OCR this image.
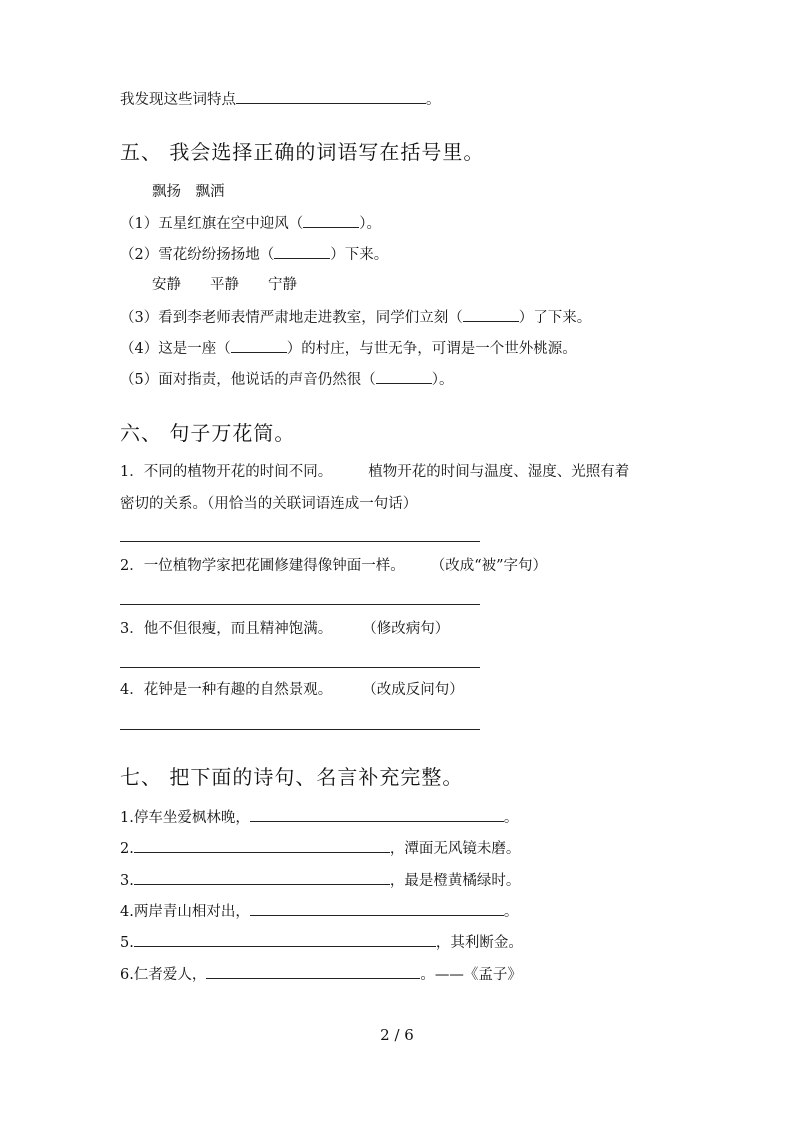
我发现这些词特点	。
五、 我会选择正确的词语写在括号里。
飘扬　飘洒
（1）五星红旗在空中迎风（	）。
（2）雪花纷纷扬扬地（	）下来。
安静　　平静　　宁静
（3）看到李老师表情严肃地走进教室，同学们立刻（	）了下来。
（4）这是一座（	）的村庄，与世无争，可谓是一个世外桃源。
（5）面对指责，他说话的声音仍然很（	）。
六、 句子万花筒。
1．不同的植物开花的时间不同。 植物开花的时间与温度、湿度、光照有着
密切的关系。（用恰当的关联词语连成一句话）
2．一位植物学家把花圃修建得像钟面一样。 （改成“被”字句）
3．他不但很瘦，而且精神饱满。 （修改病句）
4．花钟是一种有趣的自然景观。 （改成反问句）
七、 把下面的诗句、名言补充完整。
1.停车坐爱枫林晚，	。
2.	，潭面无风镜未磨。
3.	，最是橙黄橘绿时。
4.两岸青山相对出，	。
5.	，其利断金。
6.仁者爱人，	。——《孟子》
2 / 6
